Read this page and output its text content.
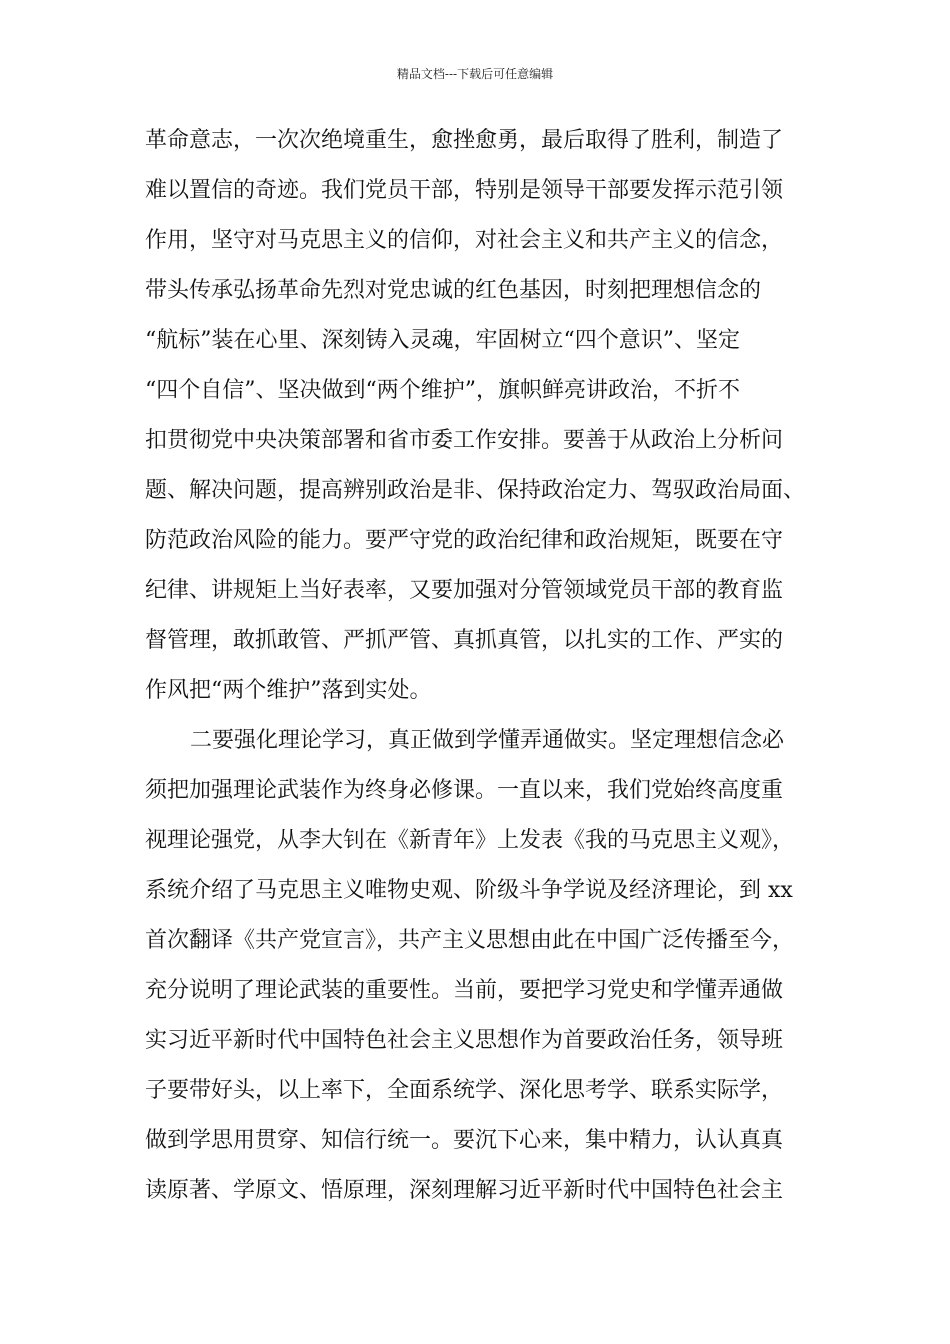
精品文档---下载后可任意编辑
革命意志，一次次绝境重生，愈挫愈勇，最后取得了胜利，制造了
难以置信的奇迹。我们党员干部，特别是领导干部要发挥示范引领
作用，坚守对马克思主义的信仰，对社会主义和共产主义的信念，
带头传承弘扬革命先烈对党忠诚的红色基因，时刻把理想信念的
“航标”装在心里、深刻铸入灵魂，牢固树立“四个意识”、坚定
“四个自信”、坚决做到“两个维护”，旗帜鲜亮讲政治，不折不
扣贯彻党中央决策部署和省市委工作安排。要善于从政治上分析问
题、解决问题，提高辨别政治是非、保持政治定力、驾驭政治局面、
防范政治风险的能力。要严守党的政治纪律和政治规矩，既要在守
纪律、讲规矩上当好表率，又要加强对分管领域党员干部的教育监
督管理，敢抓敢管、严抓严管、真抓真管，以扎实的工作、严实的
作风把“两个维护”落到实处。
二要强化理论学习，真正做到学懂弄通做实。坚定理想信念必
须把加强理论武装作为终身必修课。一直以来，我们党始终高度重
视理论强党，从李大钊在《新青年》上发表《我的马克思主义观》，
系统介绍了马克思主义唯物史观、阶级斗争学说及经济理论，到 xx
首次翻译《共产党宣言》，共产主义思想由此在中国广泛传播至今，
充分说明了理论武装的重要性。当前，要把学习党史和学懂弄通做
实习近平新时代中国特色社会主义思想作为首要政治任务，领导班
子要带好头，以上率下，全面系统学、深化思考学、联系实际学，
做到学思用贯穿、知信行统一。要沉下心来，集中精力，认认真真
读原著、学原文、悟原理，深刻理解习近平新时代中国特色社会主
